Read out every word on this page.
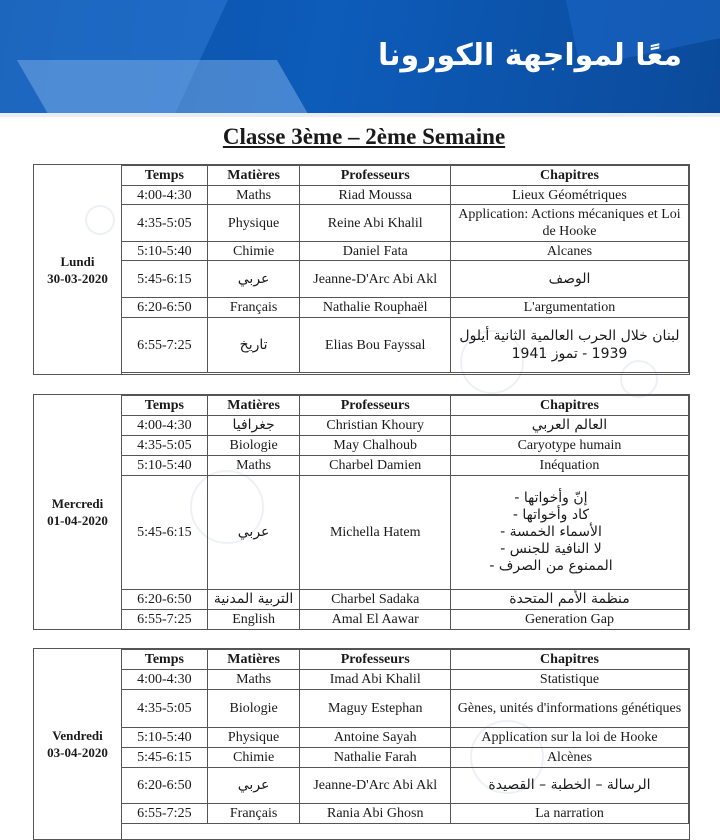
معًا لمواجهة الكورونا
Classe 3ème – 2ème Semaine
Lundi
30-03-2020
Temps	Matières	Professeurs	Chapitres
4:00-4:30	Maths	Riad Moussa	Lieux Géométriques
4:35-5:05	Physique	Reine Abi Khalil	Application: Actions mécaniques et Loi de Hooke
5:10-5:40	Chimie	Daniel Fata	Alcanes
5:45-6:15	عربي	Jeanne-D'Arc Abi Akl	الوصف
6:20-6:50	Français	Nathalie Rouphaël	L'argumentation
6:55-7:25	تاريخ	Elias Bou Fayssal	لبنان خلال الحرب العالمية الثانية أيلول 1939 - تموز 1941
Mercredi
01-04-2020
Temps	Matières	Professeurs	Chapitres
4:00-4:30	جغرافيا	Christian Khoury	العالم العربي
4:35-5:05	Biologie	May Chalhoub	Caryotype humain
5:10-5:40	Maths	Charbel Damien	Inéquation
5:45-6:15	عربي	Michella Hatem	إنّ وأخواتها -
كاد وأخواتها -
الأسماء الخمسة -
لا النافية للجنس -
الممنوع من الصرف -

6:20-6:50	التربية المدنية	Charbel Sadaka	منظمة الأمم المتحدة
6:55-7:25	English	Amal El Aawar	Generation Gap
Vendredi
03-04-2020
Temps	Matières	Professeurs	Chapitres
4:00-4:30	Maths	Imad Abi Khalil	Statistique
4:35-5:05	Biologie	Maguy Estephan	Gènes, unités d'informations génétiques
5:10-5:40	Physique	Antoine Sayah	Application sur la loi de Hooke
5:45-6:15	Chimie	Nathalie Farah	Alcènes
6:20-6:50	عربي	Jeanne-D'Arc Abi Akl	الرسالة – الخطبة – القصيدة
6:55-7:25	Français	Rania Abi Ghosn	La narration
